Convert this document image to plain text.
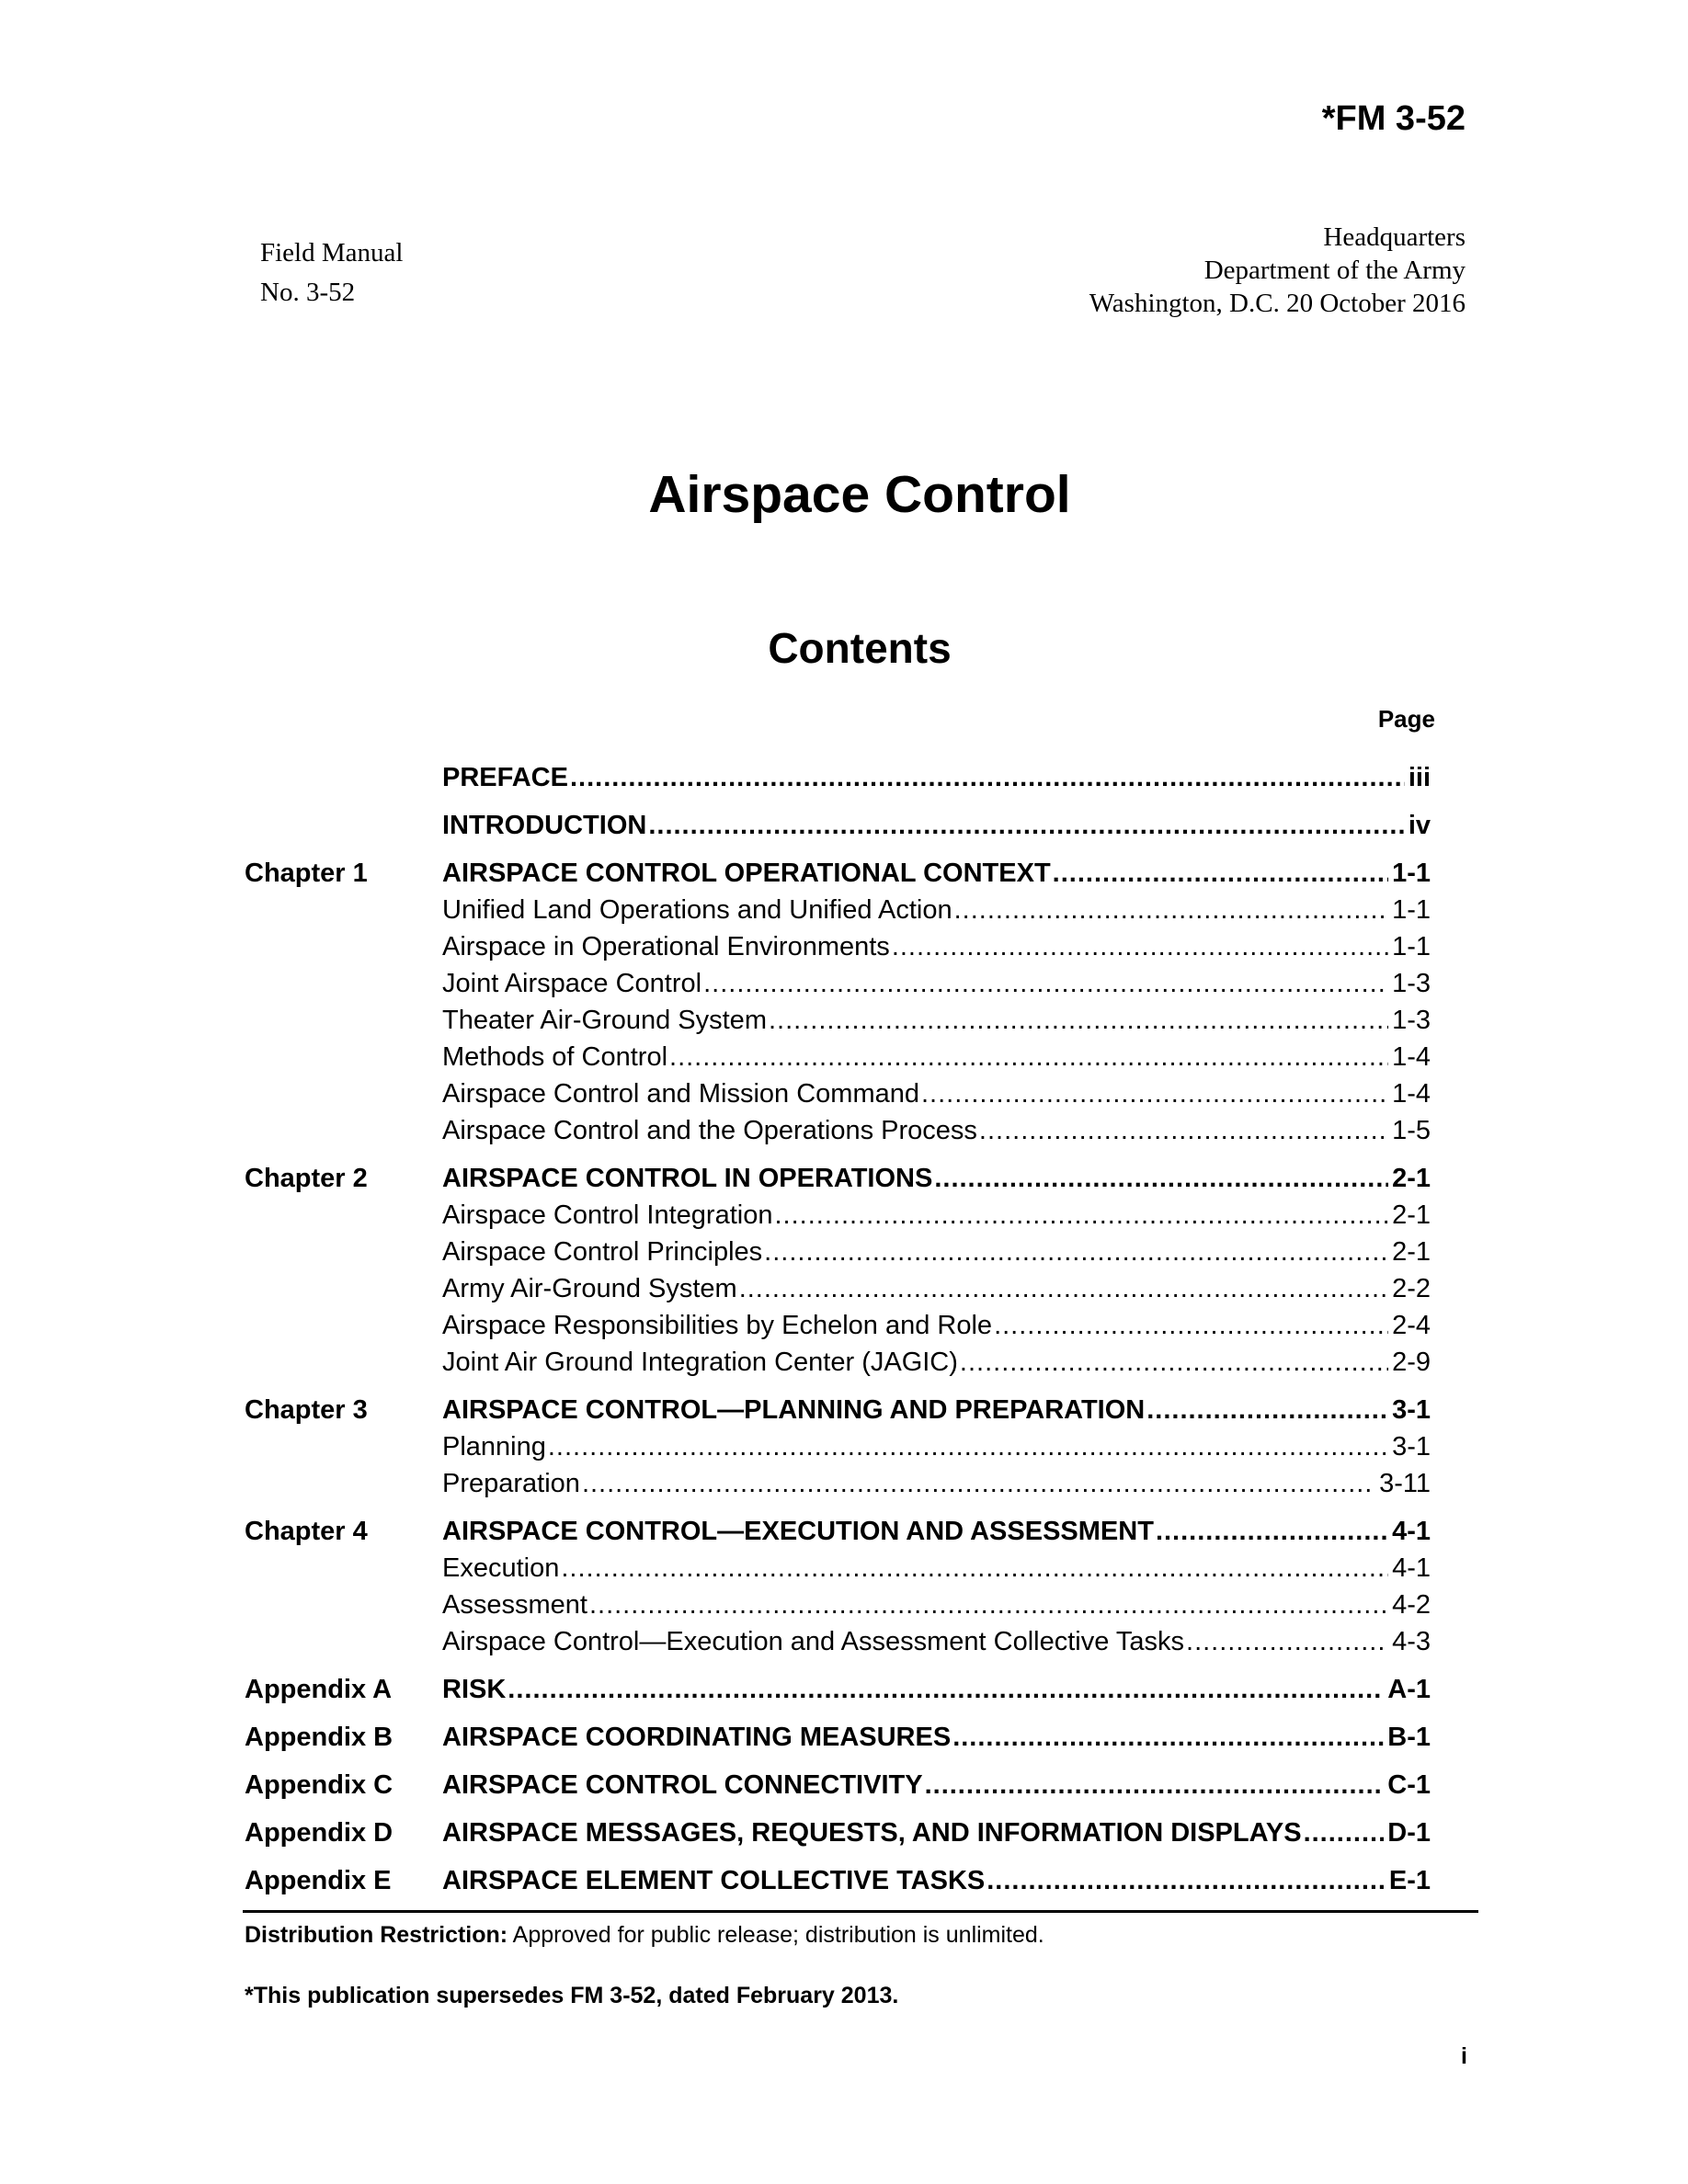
*FM 3-52
Field Manual
No. 3-52
Headquarters
Department of the Army
Washington, D.C. 20 October 2016
Airspace Control
Contents
Page
PREFACE .....	iii
INTRODUCTION .....	iv
Chapter 1	AIRSPACE CONTROL OPERATIONAL CONTEXT .....	1-1
Unified Land Operations and Unified Action .....	1-1
Airspace in Operational Environments .....	1-1
Joint Airspace Control .....	1-3
Theater Air-Ground System .....	1-3
Methods of Control .....	1-4
Airspace Control and Mission Command .....	1-4
Airspace Control and the Operations Process .....	1-5
Chapter 2	AIRSPACE CONTROL IN OPERATIONS .....	2-1
Airspace Control Integration .....	2-1
Airspace Control Principles .....	2-1
Army Air-Ground System .....	2-2
Airspace Responsibilities by Echelon and Role .....	2-4
Joint Air Ground Integration Center (JAGIC) .....	2-9
Chapter 3	AIRSPACE CONTROL—PLANNING AND PREPARATION .....	3-1
Planning .....	3-1
Preparation .....	3-11
Chapter 4	AIRSPACE CONTROL—EXECUTION AND ASSESSMENT .....	4-1
Execution .....	4-1
Assessment .....	4-2
Airspace Control—Execution and Assessment Collective Tasks .....	4-3
Appendix A RISK .....	A-1
Appendix B AIRSPACE COORDINATING MEASURES .....	B-1
Appendix C AIRSPACE CONTROL CONNECTIVITY .....	C-1
Appendix D AIRSPACE MESSAGES, REQUESTS, AND INFORMATION DISPLAYS .....	D-1
Appendix E AIRSPACE ELEMENT COLLECTIVE TASKS .....	E-1
Distribution Restriction: Approved for public release; distribution is unlimited.
*This publication supersedes FM 3-52, dated February 2013.
i
